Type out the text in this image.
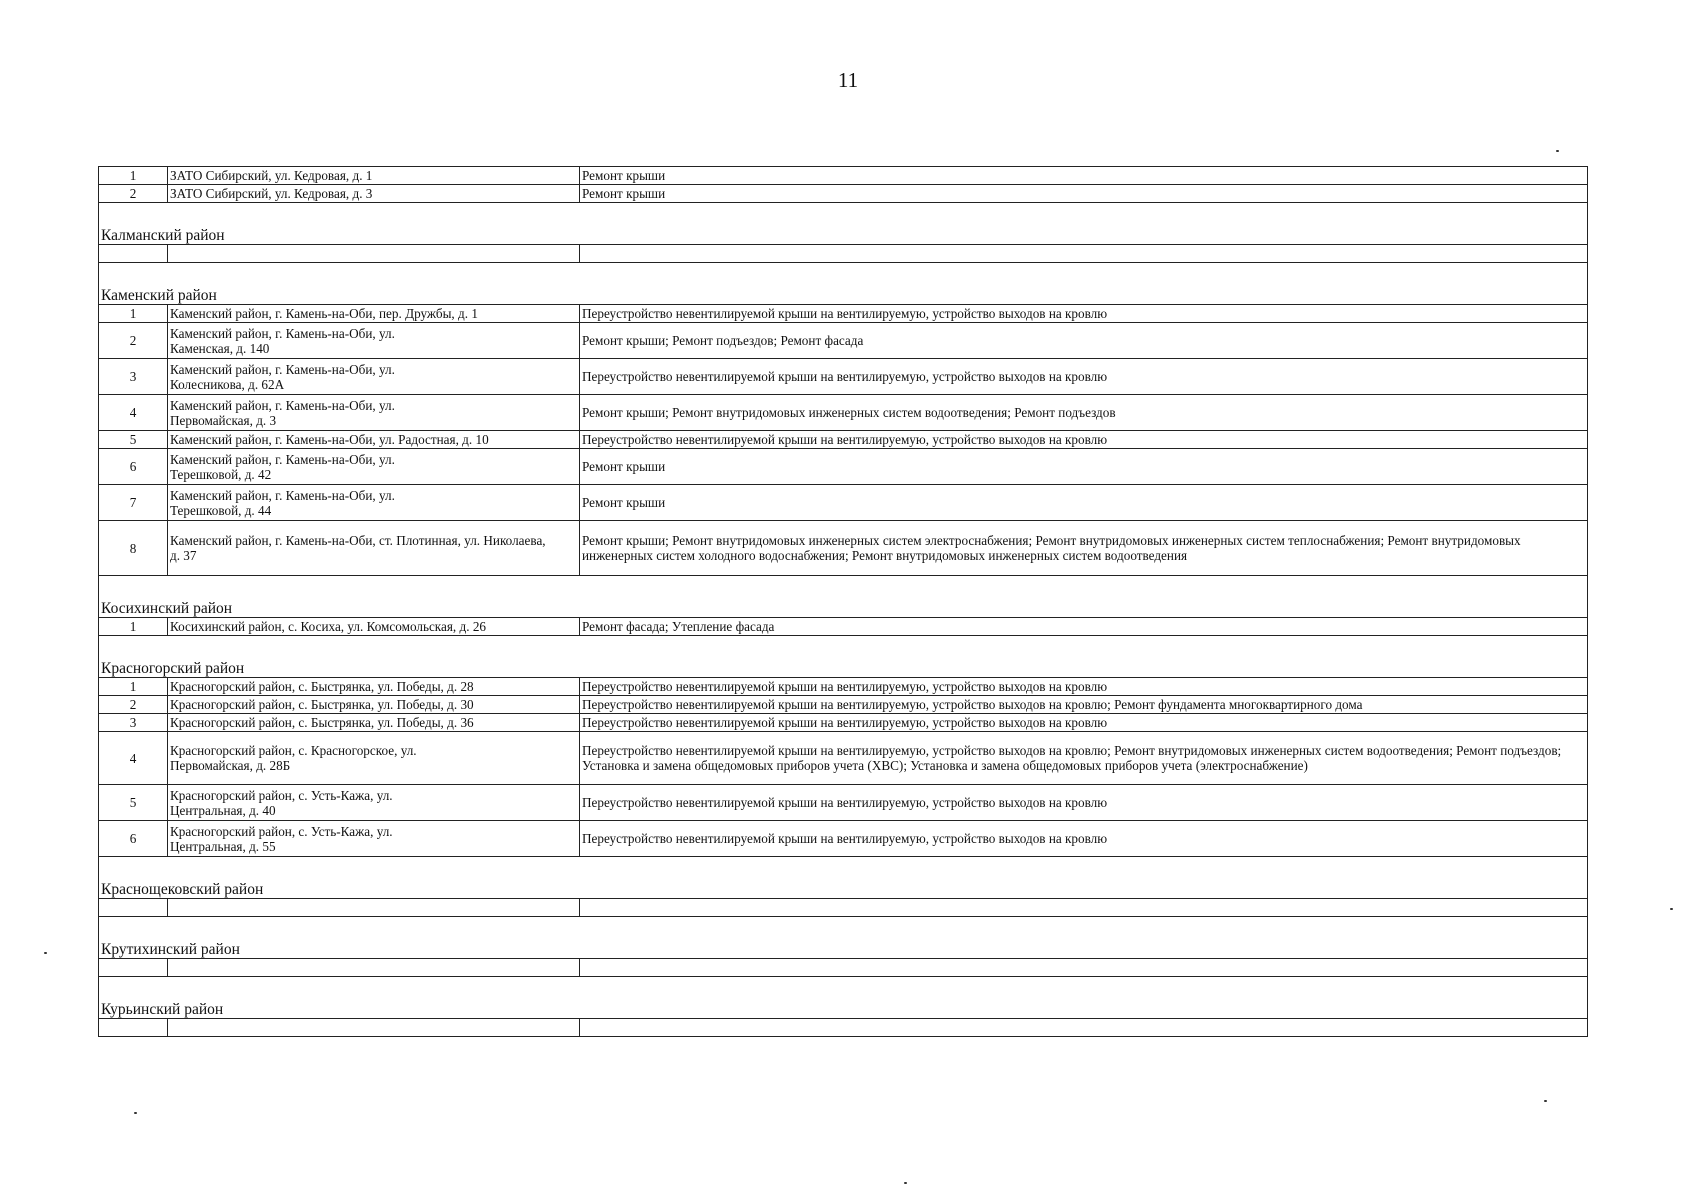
11
1	ЗАТО Сибирский, ул. Кедровая, д. 1	Ремонт крыши
2	ЗАТО Сибирский, ул. Кедровая, д. 3	Ремонт крыши
Калманский район		

Каменский район		
1	Каменский район, г. Камень-на-Оби, пер. Дружбы, д. 1	Переустройство невентилируемой крыши на вентилируемую, устройство выходов на кровлю
2	Каменский район, г. Камень-на-Оби, ул. Каменская, д. 140	Ремонт крыши; Ремонт подъездов; Ремонт фасада
3	Каменский район, г. Камень-на-Оби, ул. Колесникова, д. 62А	Переустройство невентилируемой крыши на вентилируемую, устройство выходов на кровлю
4	Каменский район, г. Камень-на-Оби, ул. Первомайская, д. 3	Ремонт крыши; Ремонт внутридомовых инженерных систем водоотведения; Ремонт подъездов
5	Каменский район, г. Камень-на-Оби, ул. Радостная, д. 10	Переустройство невентилируемой крыши на вентилируемую, устройство выходов на кровлю
6	Каменский район, г. Камень-на-Оби, ул. Терешковой, д. 42	Ремонт крыши
7	Каменский район, г. Камень-на-Оби, ул. Терешковой, д. 44	Ремонт крыши
8	Каменский район, г. Камень-на-Оби, ст. Плотинная, ул. Николаева, д. 37	Ремонт крыши; Ремонт внутридомовых инженерных систем электроснабжения; Ремонт внутридомовых инженерных систем теплоснабжения; Ремонт внутридомовых инженерных систем холодного водоснабжения; Ремонт внутридомовых инженерных систем водоотведения
Косихинский район		
1	Косихинский район, с. Косиха, ул. Комсомольская, д. 26	Ремонт фасада; Утепление фасада
Красногорский район		
1	Красногорский район, с. Быстрянка, ул. Победы, д. 28	Переустройство невентилируемой крыши на вентилируемую, устройство выходов на кровлю
2	Красногорский район, с. Быстрянка, ул. Победы, д. 30	Переустройство невентилируемой крыши на вентилируемую, устройство выходов на кровлю; Ремонт фундамента многоквартирного дома
3	Красногорский район, с. Быстрянка, ул. Победы, д. 36	Переустройство невентилируемой крыши на вентилируемую, устройство выходов на кровлю
4	Красногорский район, с. Красногорское, ул. Первомайская, д. 28Б	Переустройство невентилируемой крыши на вентилируемую, устройство выходов на кровлю; Ремонт внутридомовых инженерных систем водоотведения; Ремонт подъездов; Установка и замена общедомовых приборов учета (ХВС); Установка и замена общедомовых приборов учета (электроснабжение)
5	Красногорский район, с. Усть-Кажа, ул. Центральная, д. 40	Переустройство невентилируемой крыши на вентилируемую, устройство выходов на кровлю
6	Красногорский район, с. Усть-Кажа, ул. Центральная, д. 55	Переустройство невентилируемой крыши на вентилируемую, устройство выходов на кровлю
Краснощековский район		

Крутихинский район		

Курьинский район		
